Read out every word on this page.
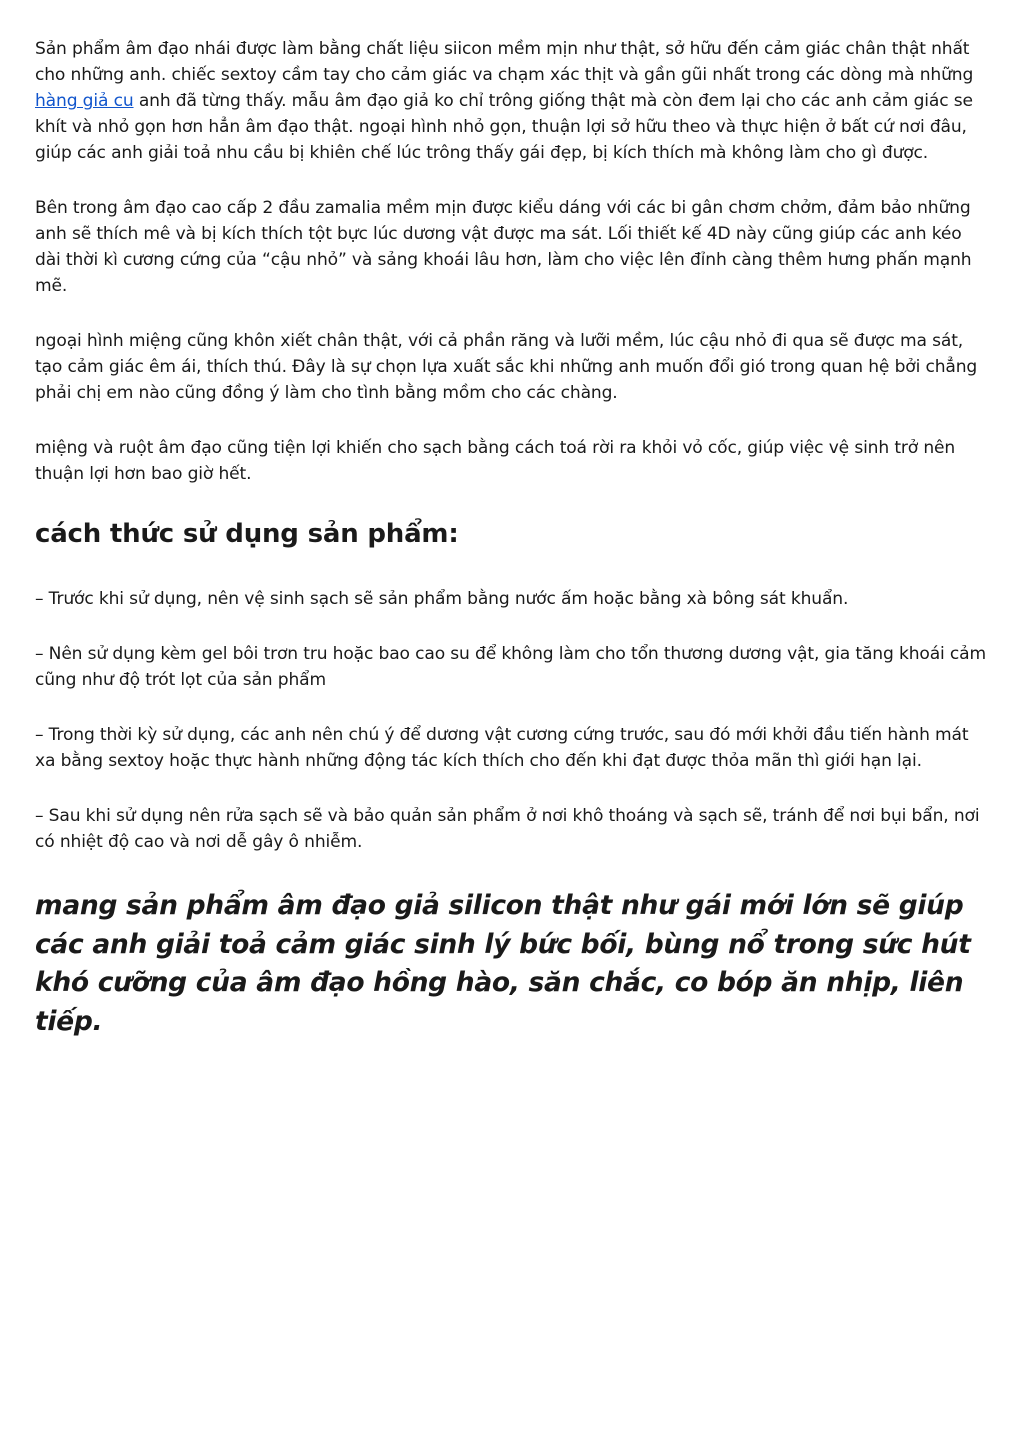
Sản phẩm âm đạo nhái được làm bằng chất liệu siicon mềm mịn như thật, sở hữu đến cảm giác chân thật nhất cho những anh. chiếc sextoy cầm tay cho cảm giác va chạm xác thịt và gần gũi nhất trong các dòng mà những hàng giả cu anh đã từng thấy. mẫu âm đạo giả ko chỉ trông giống thật mà còn đem lại cho các anh cảm giác se khít và nhỏ gọn hơn hẳn âm đạo thật. ngoại hình nhỏ gọn, thuận lợi sở hữu theo và thực hiện ở bất cứ nơi đâu, giúp các anh giải toả nhu cầu bị khiên chế lúc trông thấy gái đẹp, bị kích thích mà không làm cho gì được.

Bên trong âm đạo cao cấp 2 đầu zamalia mềm mịn được kiểu dáng với các bi gân chơm chởm, đảm bảo những anh sẽ thích mê và bị kích thích tột bực lúc dương vật được ma sát. Lối thiết kế 4D này cũng giúp các anh kéo dài thời kì cương cứng của “cậu nhỏ” và sảng khoái lâu hơn, làm cho việc lên đỉnh càng thêm hưng phấn mạnh mẽ.

ngoại hình miệng cũng khôn xiết chân thật, với cả phần răng và lưỡi mềm, lúc cậu nhỏ đi qua sẽ được ma sát, tạo cảm giác êm ái, thích thú. Đây là sự chọn lựa xuất sắc khi những anh muốn đổi gió trong quan hệ bởi chẳng phải chị em nào cũng đồng ý làm cho tình bằng mồm cho các chàng.

miệng và ruột âm đạo cũng tiện lợi khiến cho sạch bằng cách toá rời ra khỏi vỏ cốc, giúp việc vệ sinh trở nên thuận lợi hơn bao giờ hết.

cách thức sử dụng sản phẩm:

– Trước khi sử dụng, nên vệ sinh sạch sẽ sản phẩm bằng nước ấm hoặc bằng xà bông sát khuẩn.

– Nên sử dụng kèm gel bôi trơn tru hoặc bao cao su để không làm cho tổn thương dương vật, gia tăng khoái cảm cũng như độ trót lọt của sản phẩm

– Trong thời kỳ sử dụng, các anh nên chú ý để dương vật cương cứng trước, sau đó mới khởi đầu tiến hành mát xa bằng sextoy hoặc thực hành những động tác kích thích cho đến khi đạt được thỏa mãn thì giới hạn lại.

– Sau khi sử dụng nên rửa sạch sẽ và bảo quản sản phẩm ở nơi khô thoáng và sạch sẽ, tránh để nơi bụi bẩn, nơi có nhiệt độ cao và nơi dễ gây ô nhiễm.

mang sản phẩm âm đạo giả silicon thật như gái mới lớn sẽ giúp các anh giải toả cảm giác sinh lý bức bối, bùng nổ trong sức hút khó cưỡng của âm đạo hồng hào, săn chắc, co bóp ăn nhịp, liên tiếp.
